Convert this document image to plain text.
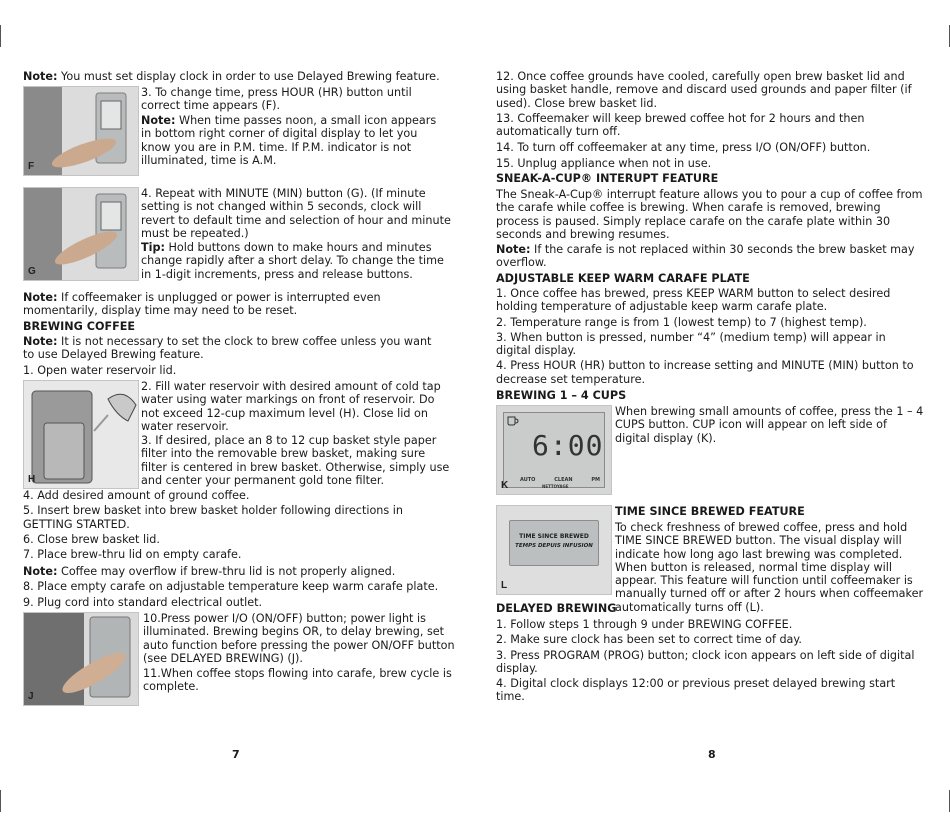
Note: You must set display clock in order to use Delayed Brewing feature.
F
3. To change time, press HOUR (HR) button until correct time appears (F).
Note: When time passes noon, a small icon appears in bottom right corner of digital display to let you know you are in P.M. time. If P.M. indicator is not illuminated, time is A.M.
G
4. Repeat with MINUTE (MIN) button (G). (If minute setting is not changed within 5 seconds, clock will revert to default time and selection of hour and minute must be repeated.)
Tip: Hold buttons down to make hours and minutes change rapidly after a short delay. To change the time in 1-digit increments, press and release buttons.
Note: If coffeemaker is unplugged or power is interrupted even momentarily, display time may need to be reset.
BREWING COFFEE
Note: It is not necessary to set the clock to brew coffee unless you want to use Delayed Brewing feature.
1. Open water reservoir lid.
H
2. Fill water reservoir with desired amount of cold tap water using water markings on front of reservoir. Do not exceed 12-cup maximum level (H). Close lid on water reservoir.
3. If desired, place an 8 to 12 cup basket style paper filter into the removable brew basket, making sure filter is centered in brew basket. Otherwise, simply use and center your permanent gold tone filter.
4. Add desired amount of ground coffee.
5. Insert brew basket into brew basket holder following directions in GETTING STARTED.
6. Close brew basket lid.
7. Place brew-thru lid on empty carafe.
Note: Coffee may overflow if brew-thru lid is not properly aligned.
8. Place empty carafe on adjustable temperature keep warm carafe plate.
9. Plug cord into standard electrical outlet.
J
10.Press power I/O (ON/OFF) button; power light is illuminated. Brewing begins OR, to delay brewing, set auto function before pressing the power ON/OFF button (see DELAYED BREWING) (J).
11.When coffee stops flowing into carafe, brew cycle is complete.
7
12. Once coffee grounds have cooled, carefully open brew basket lid and using basket handle, remove and discard used grounds and paper filter (if used). Close brew basket lid.
13. Coffeemaker will keep brewed coffee hot for 2 hours and then automatically turn off.
14. To turn off coffeemaker at any time, press I/O (ON/OFF) button.
15. Unplug appliance when not in use.
SNEAK-A-CUP® INTERUPT FEATURE
The Sneak-A-Cup® interrupt feature allows you to pour a cup of coffee from the carafe while coffee is brewing. When carafe is removed, brewing process is paused. Simply replace carafe on the carafe plate within 30 seconds and brewing resumes.
Note: If the carafe is not replaced within 30 seconds the brew basket may overflow.
ADJUSTABLE KEEP WARM CARAFE PLATE
1. Once coffee has brewed, press KEEP WARM button to select desired holding temperature of adjustable keep warm carafe plate.
2. Temperature range is from 1 (lowest temp) to 7 (highest temp).
3. When button is pressed, number “4” (medium temp) will appear in digital display.
4. Press HOUR (HR) button to increase setting and MINUTE (MIN) button to decrease set temperature.
BREWING 1 – 4 CUPS
6:00
AUTO	CLEAN	PM
NETTOYAGE
K
When brewing small amounts of coffee, press the 1 – 4 CUPS button. CUP icon will appear on left side of digital display (K).
TIME SINCE BREWED
TEMPS DEPUIS INFUSION
L
TIME SINCE BREWED FEATURE
To check freshness of brewed coffee, press and hold TIME SINCE BREWED button. The visual display will indicate how long ago last brewing was completed. When button is released, normal time display will appear. This feature will function until coffeemaker is manually turned off or after 2 hours when coffeemaker automatically turns off (L).
DELAYED BREWING
1. Follow steps 1 through 9 under BREWING COFFEE.
2. Make sure clock has been set to correct time of day.
3. Press PROGRAM (PROG) button; clock icon appears on left side of digital display.
4. Digital clock displays 12:00 or previous preset delayed brewing start time.
8
